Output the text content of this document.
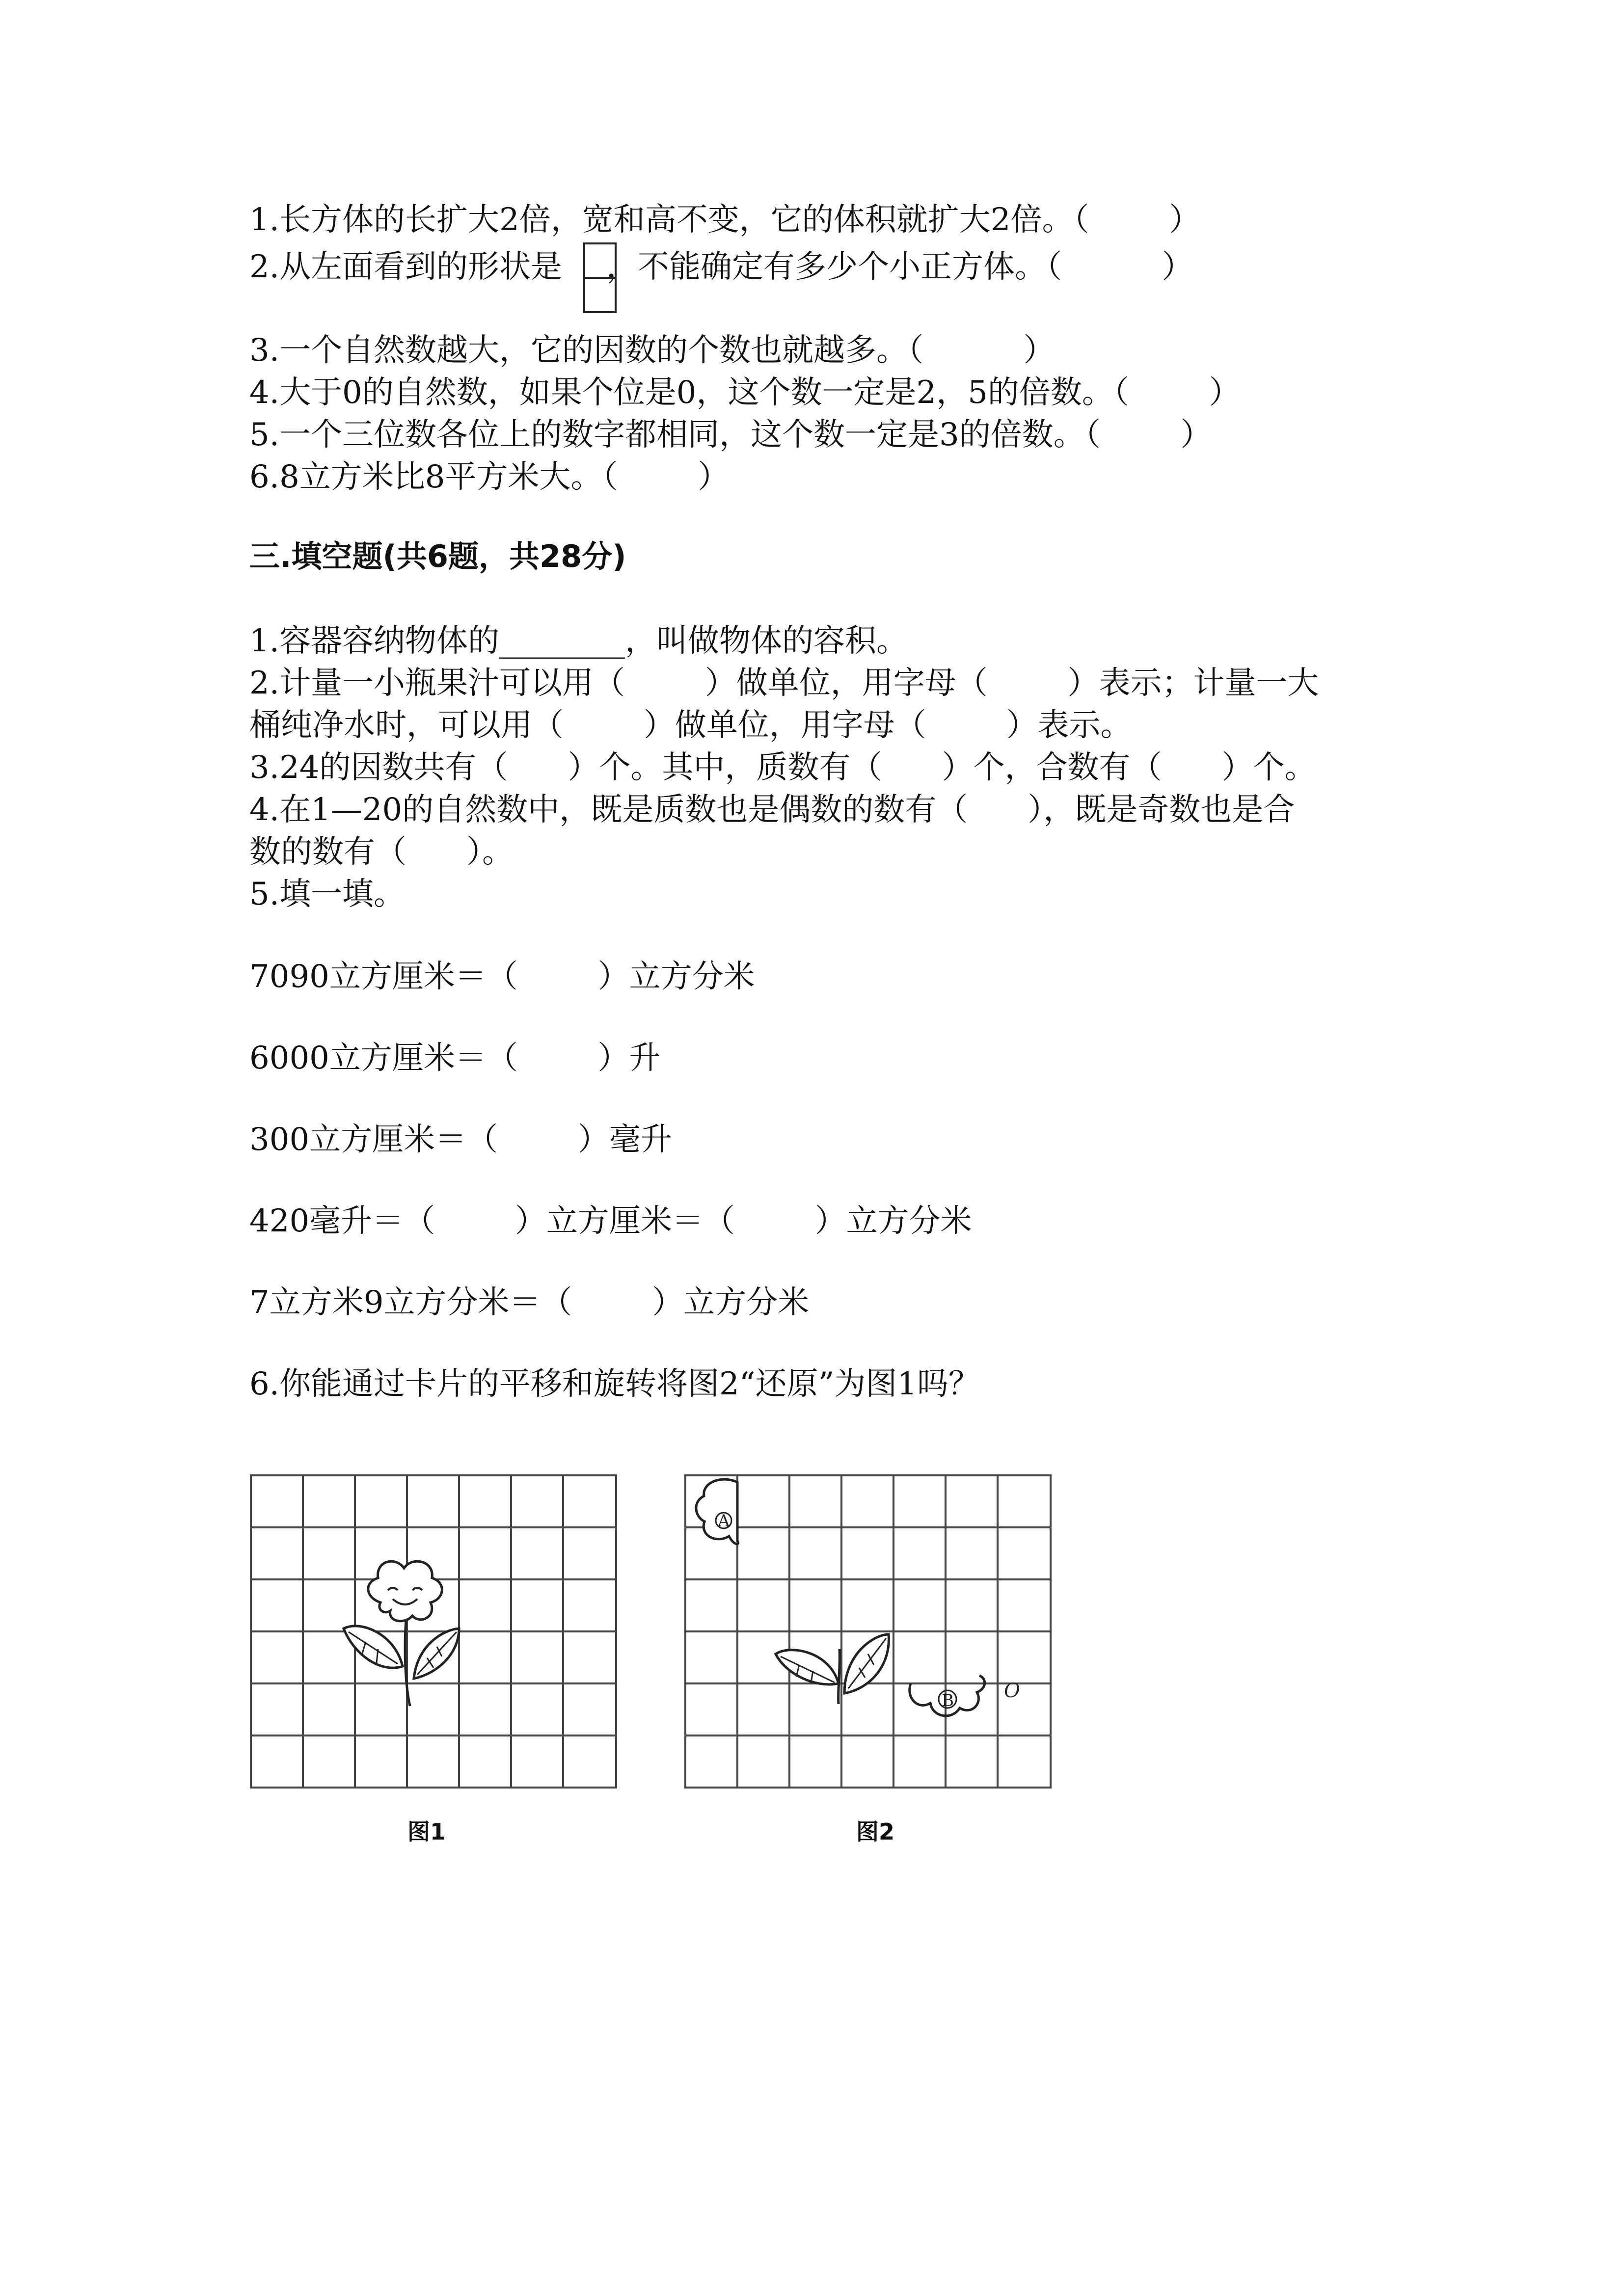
1.长方体的长扩大2倍，宽和高不变，它的体积就扩大2倍。（        ）
2.从左面看到的形状是 ，不能确定有多少个小正方体。（          ）
3.一个自然数越大，它的因数的个数也就越多。（          ）
4.大于0的自然数，如果个位是0，这个数一定是2，5的倍数。（        ）
5.一个三位数各位上的数字都相同，这个数一定是3的倍数。（        ）
6.8立方米比8平方米大。（        ）
三.填空题(共6题，共28分)
1.容器容纳物体的________，叫做物体的容积。
2.计量一小瓶果汁可以用（        ）做单位，用字母（        ）表示；计量一大
桶纯净水时，可以用（        ）做单位，用字母（        ）表示。
3.24的因数共有（      ）个。其中，质数有（      ）个，合数有（      ）个。
4.在1—20的自然数中，既是质数也是偶数的数有（      ），既是奇数也是合
数的数有（      ）。
5.填一填。
7090立方厘米＝（        ）立方分米
6000立方厘米＝（        ）升
300立方厘米＝（        ）毫升
420毫升＝（        ）立方厘米＝（        ）立方分米
7立方米9立方分米＝（        ）立方分米
6.你能通过卡片的平移和旋转将图2“还原”为图1吗？
图1
A
B	O
图2
